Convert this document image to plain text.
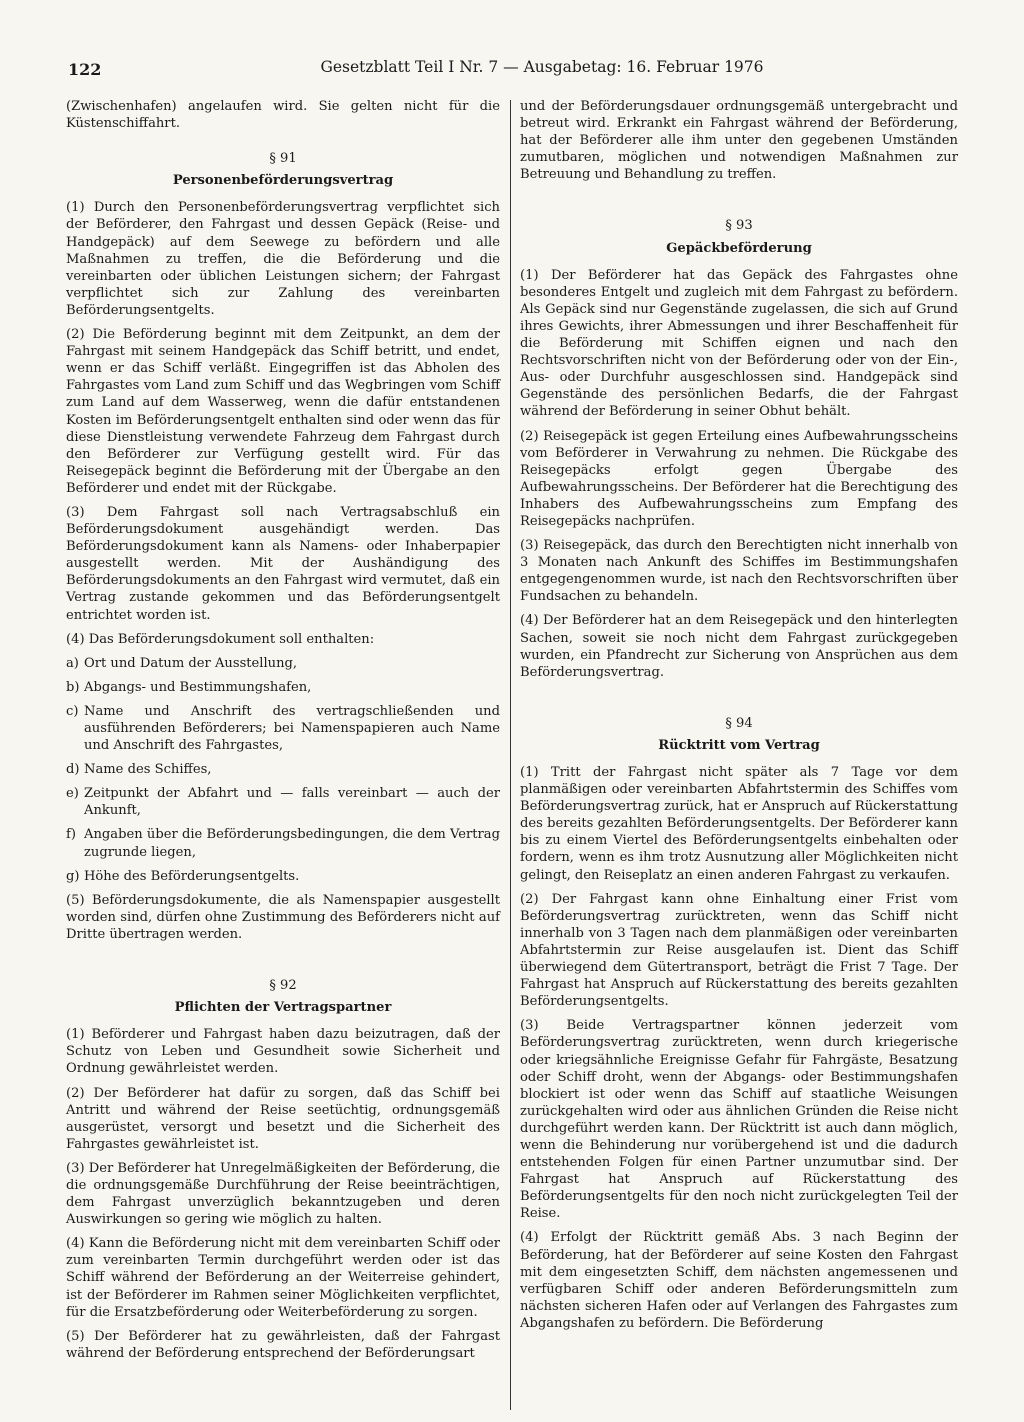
122	Gesetzblatt Teil I Nr. 7 — Ausgabetag: 16. Februar 1976

(Zwischenhafen) angelaufen wird. Sie gelten nicht für die Küstenschiffahrt.

§ 91
Personenbeförderungsvertrag

(1) Durch den Personenbeförderungsvertrag verpflichtet sich der Beförderer, den Fahrgast und dessen Gepäck (Reise- und Handgepäck) auf dem Seewege zu befördern und alle Maßnahmen zu treffen, die die Beförderung und die vereinbarten oder üblichen Leistungen sichern; der Fahrgast verpflichtet sich zur Zahlung des vereinbarten Beförderungsentgelts.

(2) Die Beförderung beginnt mit dem Zeitpunkt, an dem der Fahrgast mit seinem Handgepäck das Schiff betritt, und endet, wenn er das Schiff verläßt. Eingegriffen ist das Abholen des Fahrgastes vom Land zum Schiff und das Wegbringen vom Schiff zum Land auf dem Wasserweg, wenn die dafür entstandenen Kosten im Beförderungsentgelt enthalten sind oder wenn das für diese Dienstleistung verwendete Fahrzeug dem Fahrgast durch den Beförderer zur Verfügung gestellt wird. Für das Reisegepäck beginnt die Beförderung mit der Übergabe an den Beförderer und endet mit der Rückgabe.

(3) Dem Fahrgast soll nach Vertragsabschluß ein Beförderungsdokument ausgehändigt werden. Das Beförderungsdokument kann als Namens- oder Inhaberpapier ausgestellt werden. Mit der Aushändigung des Beförderungsdokuments an den Fahrgast wird vermutet, daß ein Vertrag zustande gekommen und das Beförderungsentgelt entrichtet worden ist.

(4) Das Beförderungsdokument soll enthalten:

a) Ort und Datum der Ausstellung,
b) Abgangs- und Bestimmungshafen,
c) Name und Anschrift des vertragschließenden und ausführenden Beförderers; bei Namenspapieren auch Name und Anschrift des Fahrgastes,
d) Name des Schiffes,
e) Zeitpunkt der Abfahrt und — falls vereinbart — auch der Ankunft,
f) Angaben über die Beförderungsbedingungen, die dem Vertrag zugrunde liegen,
g) Höhe des Beförderungsentgelts.

(5) Beförderungsdokumente, die als Namenspapier ausgestellt worden sind, dürfen ohne Zustimmung des Beförderers nicht auf Dritte übertragen werden.

§ 92
Pflichten der Vertragspartner

(1) Beförderer und Fahrgast haben dazu beizutragen, daß der Schutz von Leben und Gesundheit sowie Sicherheit und Ordnung gewährleistet werden.

(2) Der Beförderer hat dafür zu sorgen, daß das Schiff bei Antritt und während der Reise seetüchtig, ordnungsgemäß ausgerüstet, versorgt und besetzt und die Sicherheit des Fahrgastes gewährleistet ist.

(3) Der Beförderer hat Unregelmäßigkeiten der Beförderung, die die ordnungsgemäße Durchführung der Reise beeinträchtigen, dem Fahrgast unverzüglich bekanntzugeben und deren Auswirkungen so gering wie möglich zu halten.

(4) Kann die Beförderung nicht mit dem vereinbarten Schiff oder zum vereinbarten Termin durchgeführt werden oder ist das Schiff während der Beförderung an der Weiterreise gehindert, ist der Beförderer im Rahmen seiner Möglichkeiten verpflichtet, für die Ersatzbeförderung oder Weiterbeförderung zu sorgen.

(5) Der Beförderer hat zu gewährleisten, daß der Fahrgast während der Beförderung entsprechend der Beförderungsart

und der Beförderungsdauer ordnungsgemäß untergebracht und betreut wird. Erkrankt ein Fahrgast während der Beförderung, hat der Beförderer alle ihm unter den gegebenen Umständen zumutbaren, möglichen und notwendigen Maßnahmen zur Betreuung und Behandlung zu treffen.

§ 93
Gepäckbeförderung

(1) Der Beförderer hat das Gepäck des Fahrgastes ohne besonderes Entgelt und zugleich mit dem Fahrgast zu befördern. Als Gepäck sind nur Gegenstände zugelassen, die sich auf Grund ihres Gewichts, ihrer Abmessungen und ihrer Beschaffenheit für die Beförderung mit Schiffen eignen und nach den Rechtsvorschriften nicht von der Beförderung oder von der Ein-, Aus- oder Durchfuhr ausgeschlossen sind. Handgepäck sind Gegenstände des persönlichen Bedarfs, die der Fahrgast während der Beförderung in seiner Obhut behält.

(2) Reisegepäck ist gegen Erteilung eines Aufbewahrungsscheins vom Beförderer in Verwahrung zu nehmen. Die Rückgabe des Reisegepäcks erfolgt gegen Übergabe des Aufbewahrungsscheins. Der Beförderer hat die Berechtigung des Inhabers des Aufbewahrungsscheins zum Empfang des Reisegepäcks nachprüfen.

(3) Reisegepäck, das durch den Berechtigten nicht innerhalb von 3 Monaten nach Ankunft des Schiffes im Bestimmungshafen entgegengenommen wurde, ist nach den Rechtsvorschriften über Fundsachen zu behandeln.

(4) Der Beförderer hat an dem Reisegepäck und den hinterlegten Sachen, soweit sie noch nicht dem Fahrgast zurückgegeben wurden, ein Pfandrecht zur Sicherung von Ansprüchen aus dem Beförderungsvertrag.

§ 94
Rücktritt vom Vertrag

(1) Tritt der Fahrgast nicht später als 7 Tage vor dem planmäßigen oder vereinbarten Abfahrtstermin des Schiffes vom Beförderungsvertrag zurück, hat er Anspruch auf Rückerstattung des bereits gezahlten Beförderungsentgelts. Der Beförderer kann bis zu einem Viertel des Beförderungsentgelts einbehalten oder fordern, wenn es ihm trotz Ausnutzung aller Möglichkeiten nicht gelingt, den Reiseplatz an einen anderen Fahrgast zu verkaufen.

(2) Der Fahrgast kann ohne Einhaltung einer Frist vom Beförderungsvertrag zurücktreten, wenn das Schiff nicht innerhalb von 3 Tagen nach dem planmäßigen oder vereinbarten Abfahrtstermin zur Reise ausgelaufen ist. Dient das Schiff überwiegend dem Gütertransport, beträgt die Frist 7 Tage. Der Fahrgast hat Anspruch auf Rückerstattung des bereits gezahlten Beförderungsentgelts.

(3) Beide Vertragspartner können jederzeit vom Beförderungsvertrag zurücktreten, wenn durch kriegerische oder kriegsähnliche Ereignisse Gefahr für Fahrgäste, Besatzung oder Schiff droht, wenn der Abgangs- oder Bestimmungshafen blockiert ist oder wenn das Schiff auf staatliche Weisungen zurückgehalten wird oder aus ähnlichen Gründen die Reise nicht durchgeführt werden kann. Der Rücktritt ist auch dann möglich, wenn die Behinderung nur vorübergehend ist und die dadurch entstehenden Folgen für einen Partner unzumutbar sind. Der Fahrgast hat Anspruch auf Rückerstattung des Beförderungsentgelts für den noch nicht zurückgelegten Teil der Reise.

(4) Erfolgt der Rücktritt gemäß Abs. 3 nach Beginn der Beförderung, hat der Beförderer auf seine Kosten den Fahrgast mit dem eingesetzten Schiff, dem nächsten angemessenen und verfügbaren Schiff oder anderen Beförderungsmitteln zum nächsten sicheren Hafen oder auf Verlangen des Fahrgastes zum Abgangshafen zu befördern. Die Beförderung
